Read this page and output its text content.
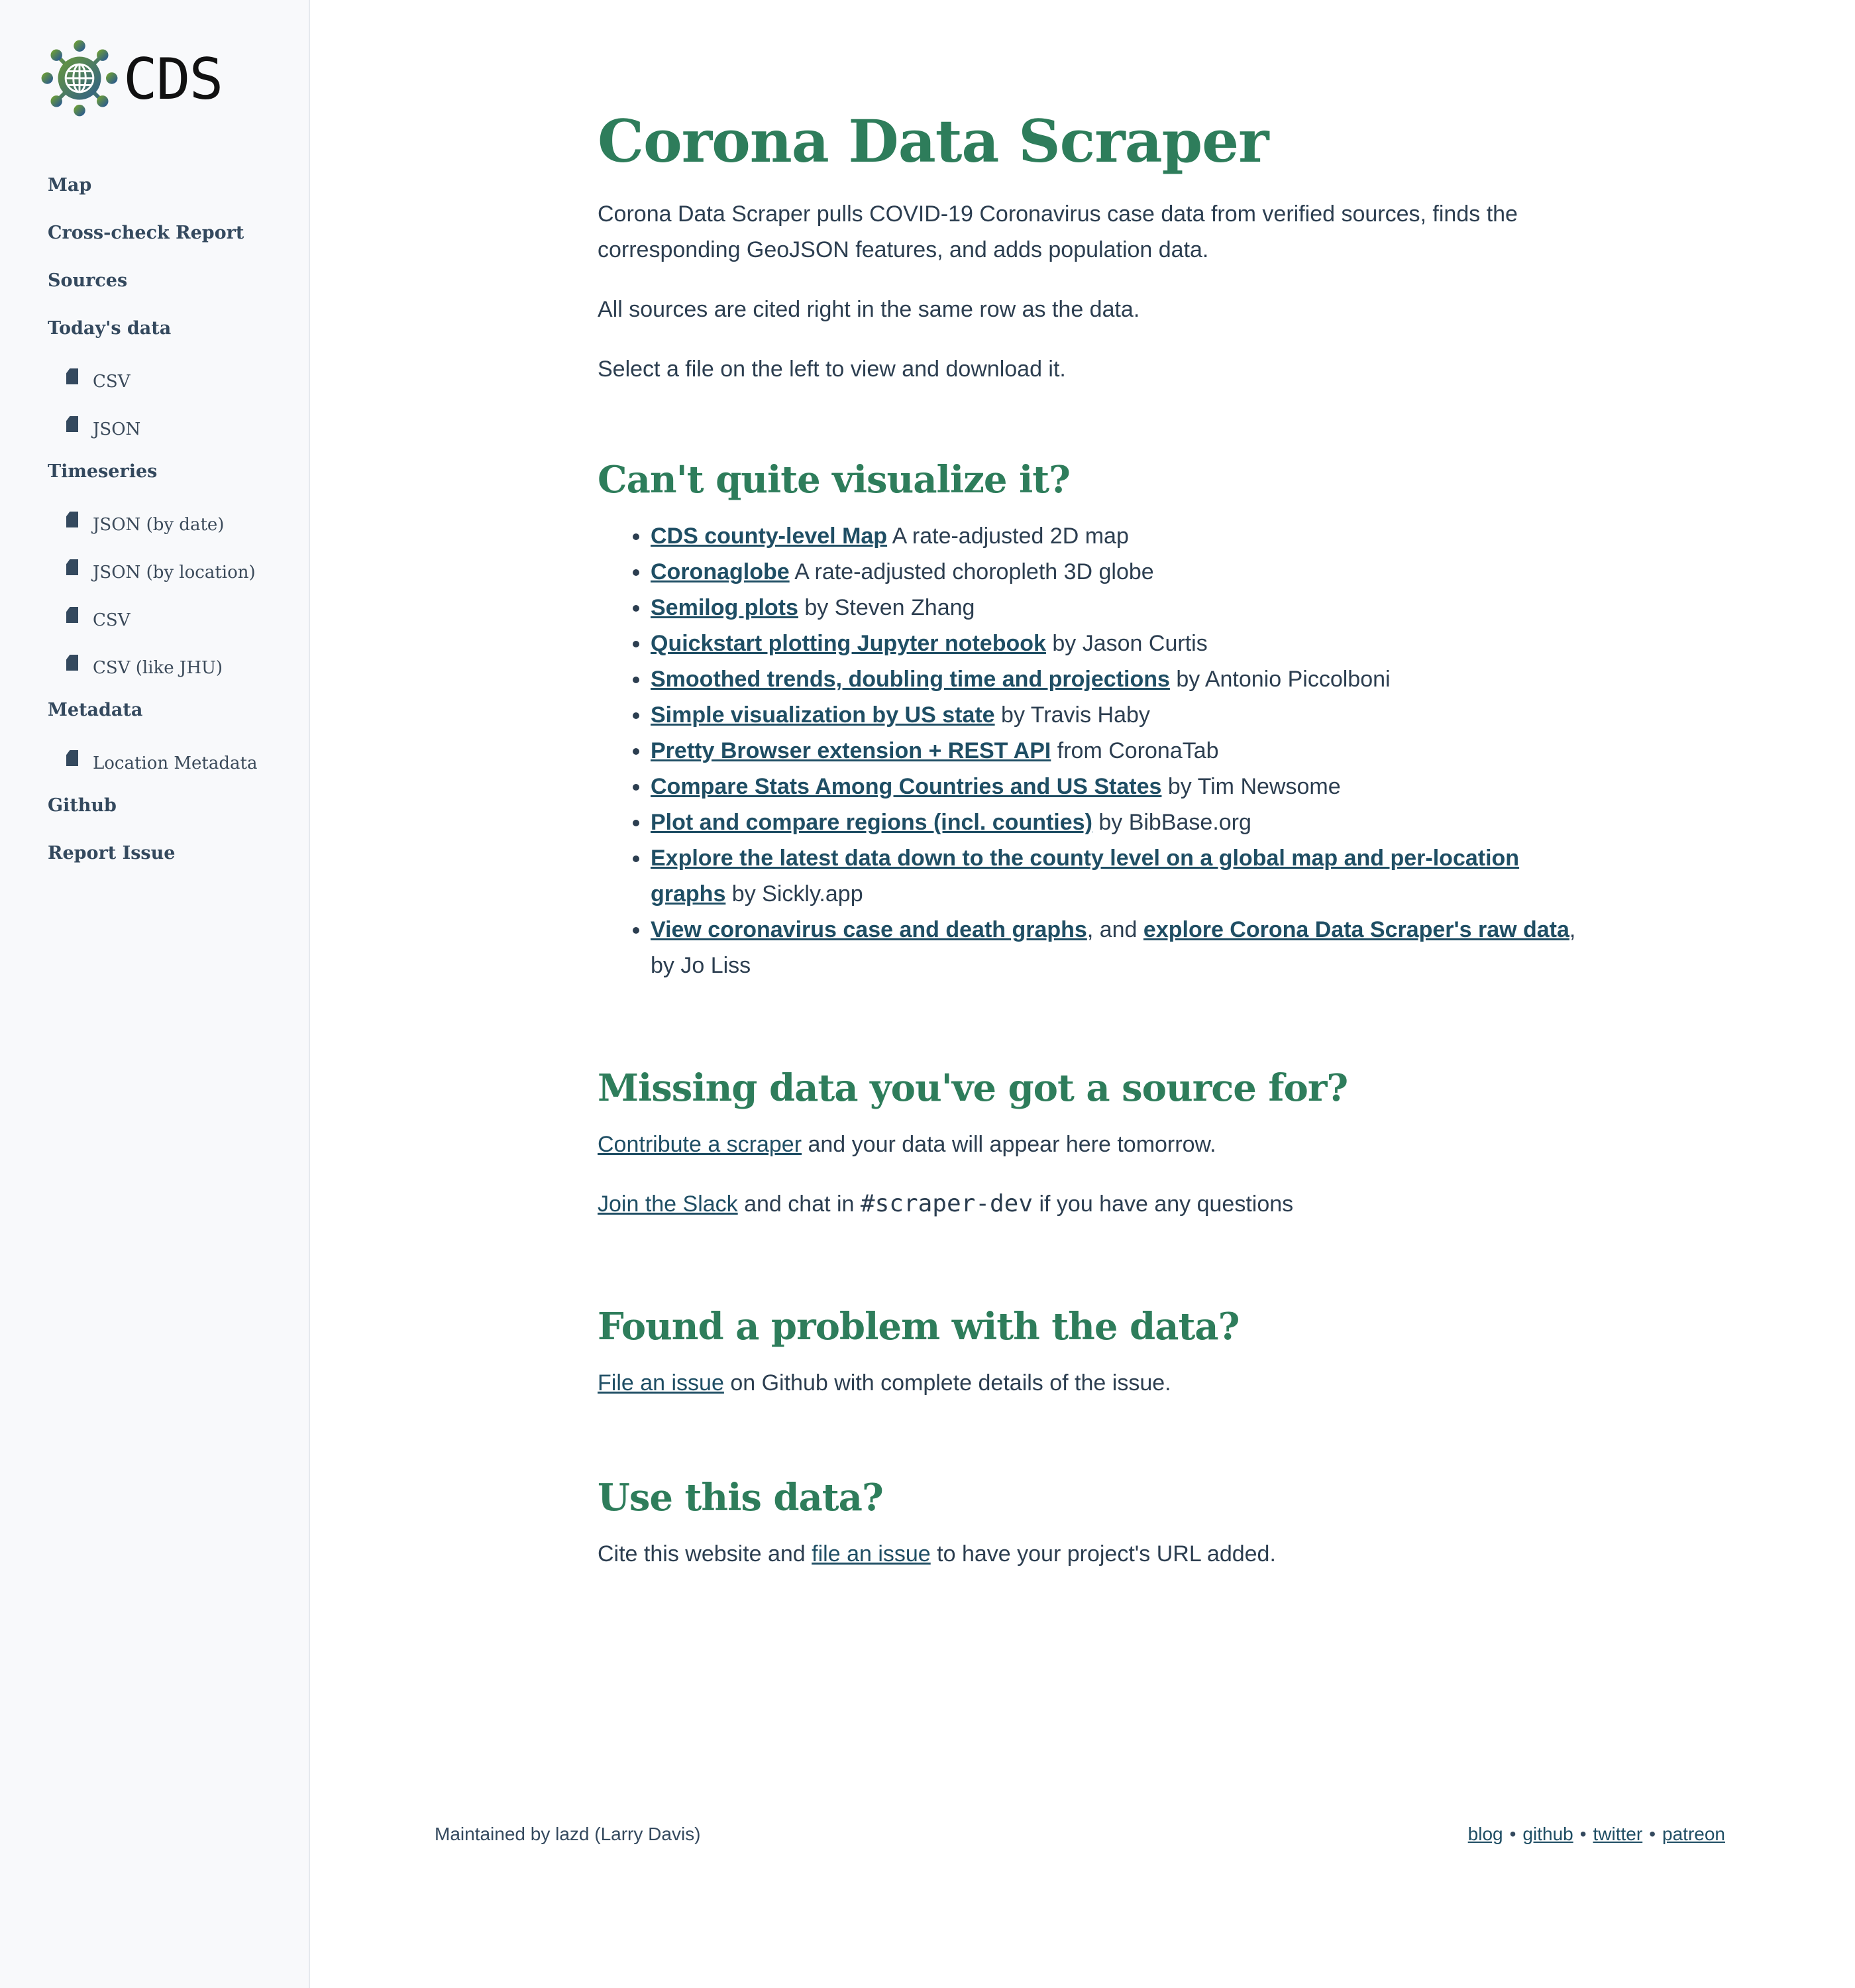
CDS
Map
Cross-check Report
Sources
Today's data
CSV
JSON
Timeseries
JSON (by date)
JSON (by location)
CSV
CSV (like JHU)
Metadata
Location Metadata
Github
Report Issue
Corona Data Scraper

Corona Data Scraper pulls COVID-19 Coronavirus case data from verified sources, finds the corresponding GeoJSON features, and adds population data.

All sources are cited right in the same row as the data.

Select a file on the left to view and download it.

Can't quite visualize it?
• CDS county-level Map A rate-adjusted 2D map
• Coronaglobe A rate-adjusted choropleth 3D globe
• Semilog plots by Steven Zhang
• Quickstart plotting Jupyter notebook by Jason Curtis
• Smoothed trends, doubling time and projections by Antonio Piccolboni
• Simple visualization by US state by Travis Haby
• Pretty Browser extension + REST API from CoronaTab
• Compare Stats Among Countries and US States by Tim Newsome
• Plot and compare regions (incl. counties) by BibBase.org
• Explore the latest data down to the county level on a global map and per-location graphs by Sickly.app
• View coronavirus case and death graphs, and explore Corona Data Scraper's raw data, by Jo Liss
Missing data you've got a source for?

Contribute a scraper and your data will appear here tomorrow.

Join the Slack and chat in #scraper-dev if you have any questions

Found a problem with the data?

File an issue on Github with complete details of the issue.

Use this data?

Cite this website and file an issue to have your project's URL added.

Maintained by lazd (Larry Davis)	blog • github • twitter • patreon
